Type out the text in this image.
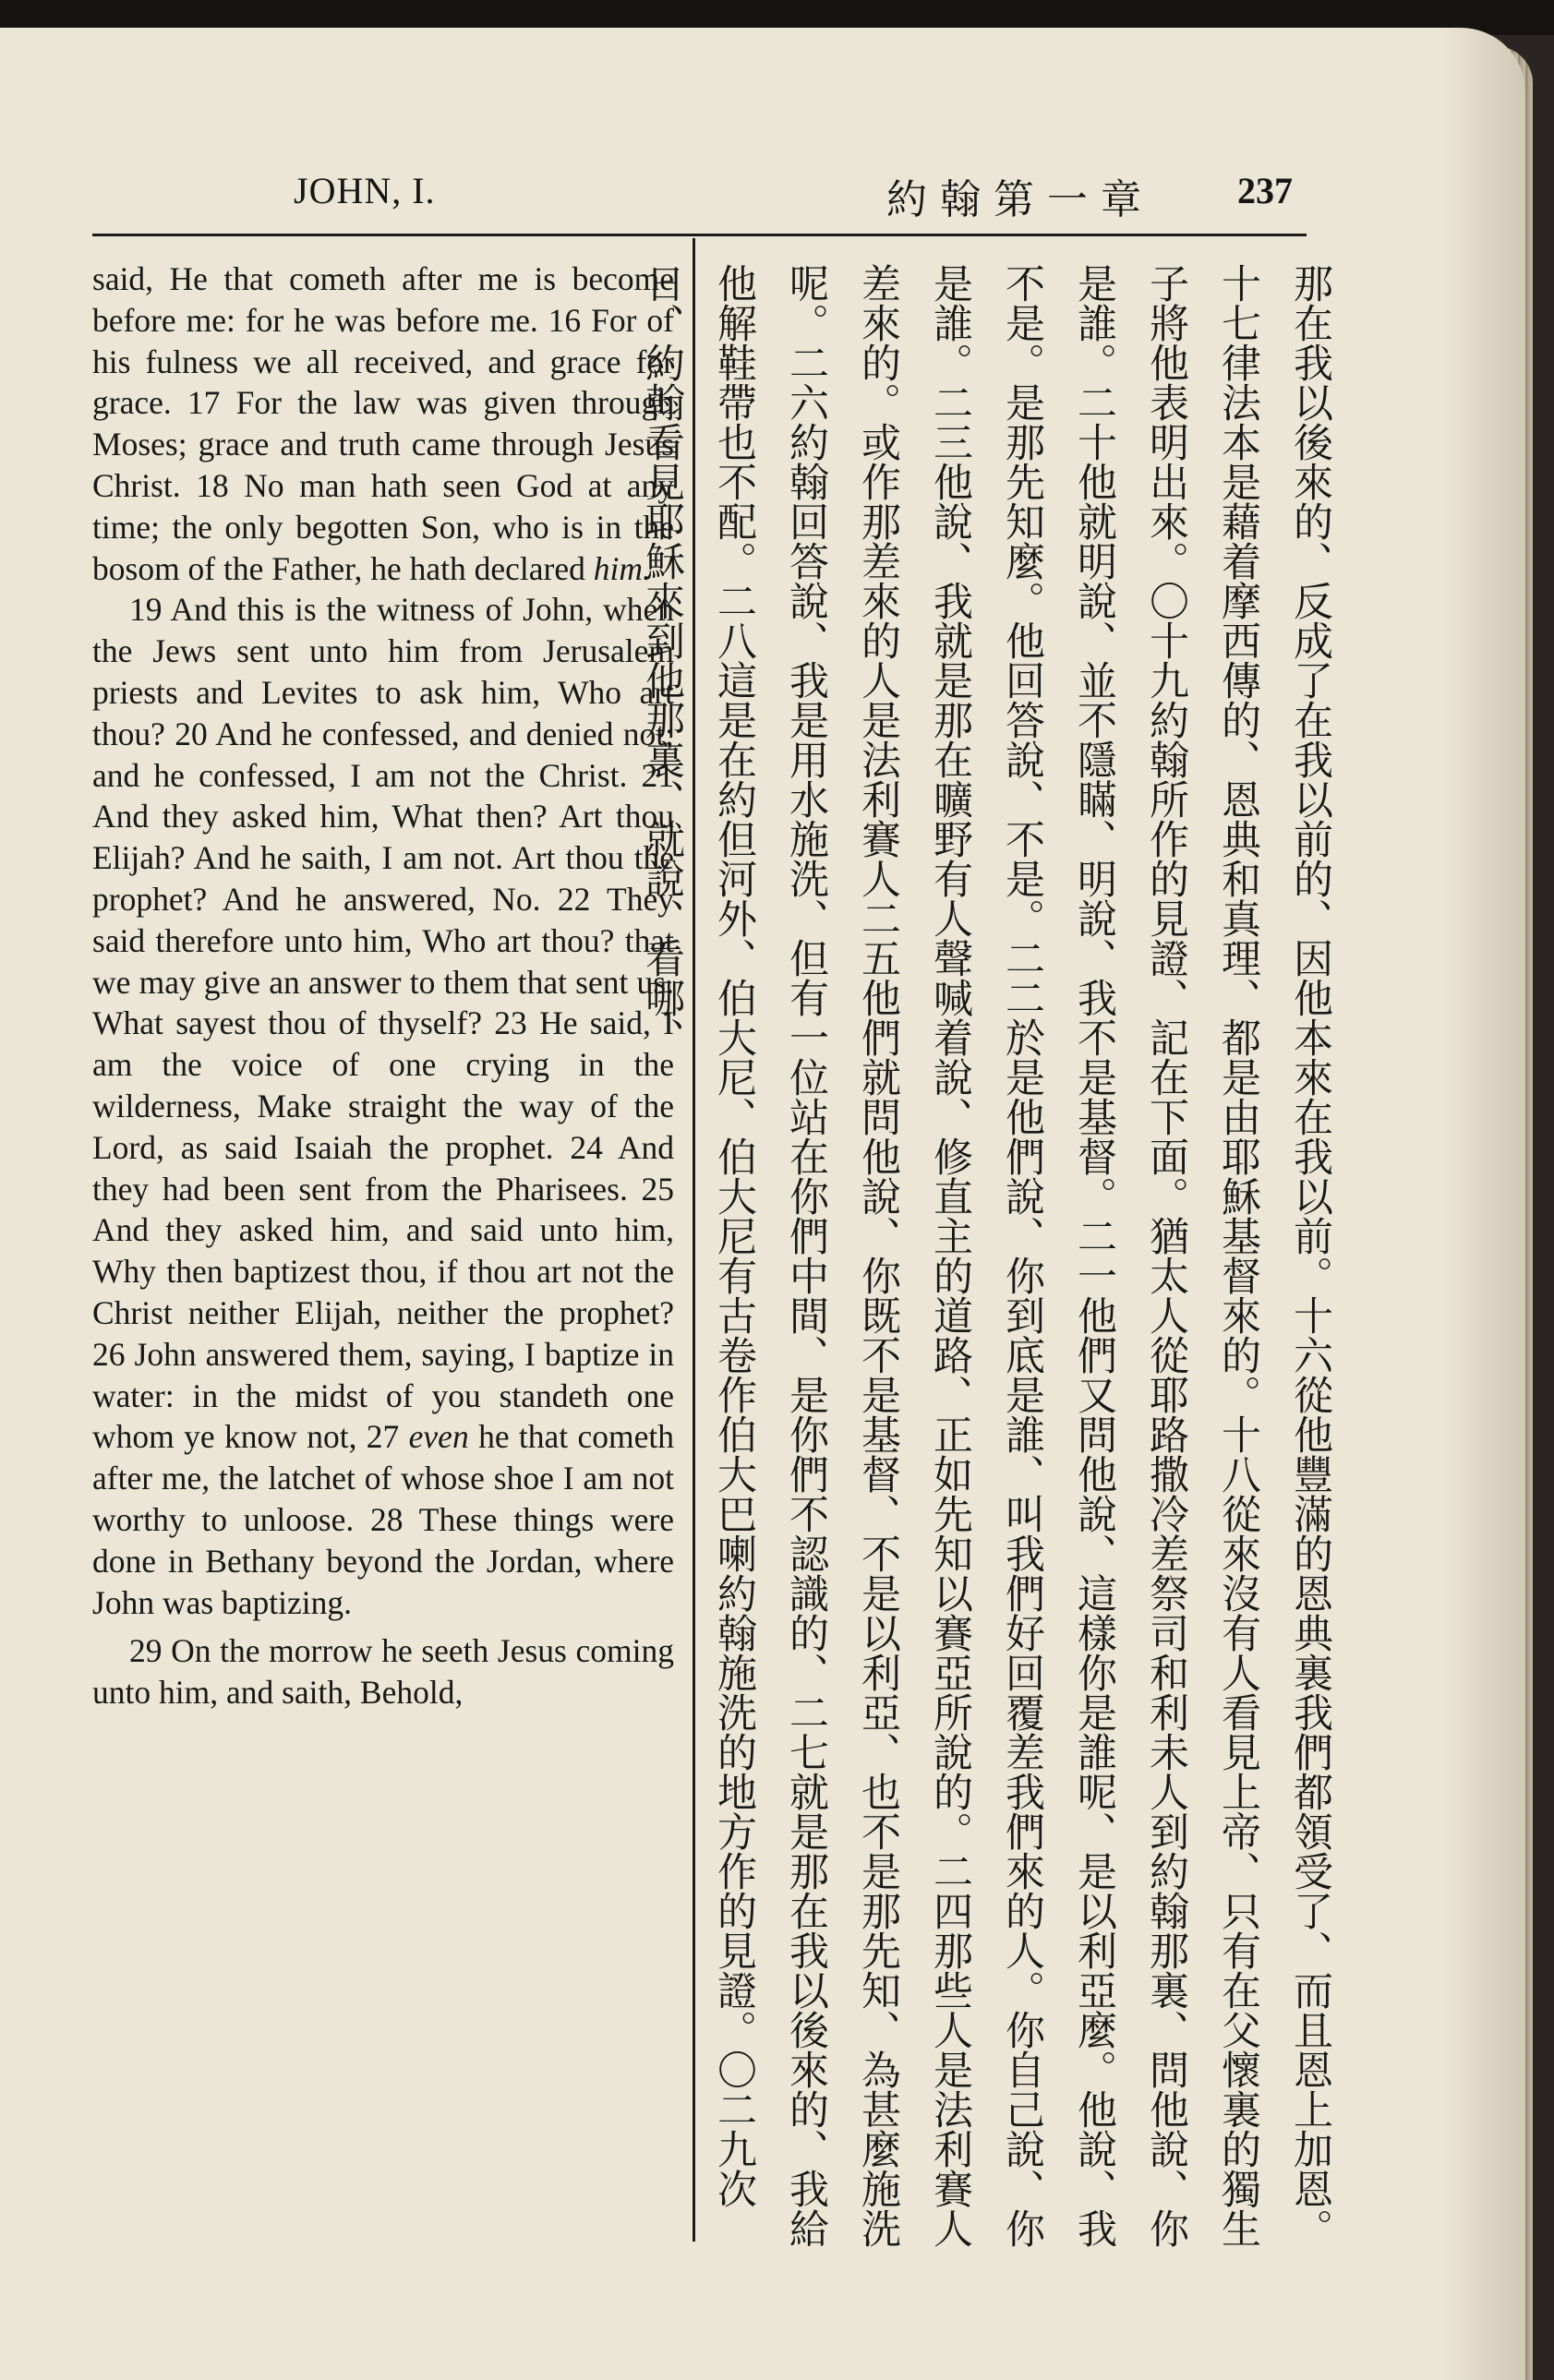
JOHN, I.	約翰第一章 237

said, He that cometh after me is become before me: for he was before me. 16 For of his fulness we all received, and grace for grace. 17 For the law was given through Moses; grace and truth came through Jesus Christ. 18 No man hath seen God at any time; the only begotten Son, who is in the bosom of the Father, he hath declared him.

19 And this is the witness of John, when the Jews sent unto him from Jerusalem priests and Levites to ask him, Who art thou? 20 And he confessed, and denied not; and he confessed, I am not the Christ. 21 And they asked him, What then? Art thou Elijah? And he saith, I am not. Art thou the prophet? And he answered, No. 22 They said therefore unto him, Who art thou? that we may give an answer to them that sent us. What sayest thou of thyself? 23 He said, I am the voice of one crying in the wilderness, Make straight the way of the Lord, as said Isaiah the prophet. 24 And they had been sent from the Pharisees. 25 And they asked him, and said unto him, Why then baptizest thou, if thou art not the Christ neither Elijah, neither the prophet? 26 John answered them, saying, I baptize in water: in the midst of you standeth one whom ye know not, 27 even he that cometh after me, the latchet of whose shoe I am not worthy to unloose. 28 These things were done in Bethany beyond the Jordan, where John was baptizing.

29 On the morrow he seeth Jesus coming unto him, and saith, Behold,	那在我以後來的、反成了在我以前的、因他本來在我以前。十六從他豐滿的恩典裏我們都領受了、而且恩上加恩。十七律法本是藉着摩西傳的、恩典和真理、都是由耶穌基督來的。十八從來沒有人看見上帝、只有在父懷裏的獨生子將他表明出來。〇十九約翰所作的見證、記在下面。猶太人從耶路撒冷差祭司和利未人到約翰那裏、問他說、你是誰。二十他就明說、並不隱瞞、明說、我不是基督。二一他們又問他說、這樣你是誰呢、是以利亞麼。他說、我不是。是那先知麼。他回答說、不是。二二於是他們說、你到底是誰、叫我們好回覆差我們來的人。你自己說、你是誰。二三他說、我就是那在曠野有人聲喊着說、修直主的道路、正如先知以賽亞所說的。二四那些人是法利賽人差來的。或作那差來的人是法利賽人二五他們就問他說、你既不是基督、不是以利亞、也不是那先知、為甚麼施洗呢。二六約翰回答說、我是用水施洗、但有一位站在你們中間、是你們不認識的、二七就是那在我以後來的、我給他解鞋帶也不配。二八這是在約但河外、伯大尼、伯大尼有古卷作伯大巴喇約翰施洗的地方作的見證。〇二九次日、約翰看見耶穌來到他那裏、就說、看哪、
